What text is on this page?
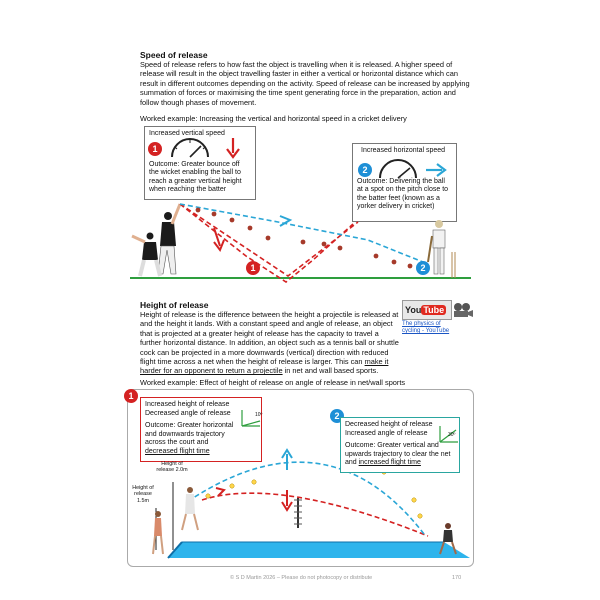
Speed of release
Speed of release refers to how fast the object is travelling when it is released. A higher speed of release will result in the object travelling faster in either a vertical or horizontal distance which can result in different outcomes depending on the activity. Speed of release can be increased by applying summation of forces or maximising the time spent generating force in the preparation, action and follow though phases of movement.
Worked example: Increasing the vertical and horizontal speed in a cricket delivery
Increased vertical speed
Outcome: Greater bounce off the wicket enabling the ball to reach a greater vertical height when reaching the batter
1	Increased horizontal speed
Outcome: Delivering the ball at a spot on the pitch close to the batter feet (known as a yorker delivery in cricket)
2
1	2
Height of release
Height of release is the difference between the height a projectile is released at and the height it lands. With a constant speed and angle of release, an object that is projected at a greater height of release has the capacity to travel a further horizontal distance. In addition, an object such as a tennis ball or shuttle cock can be projected in a more downwards (vertical) direction with reduced flight time across a net when the height of release is larger. This can make it harder for an opponent to return a projectile in net and wall based sports.
You Tube
The physics of cycling - YouTube
Worked example: Effect of height of release on angle of release in net/wall sports
1
Increased height of release
Decreased angle of release
Outcome: Greater horizontal and downwards trajectory across the court and decreased flight time
10º	2
Decreased height of release
Increased angle of release
Outcome: Greater vertical and upwards trajectory to clear the net and increased flight time
30º
Height of release 2.0m
Height of release 1.5m
© S D Martin 2026 – Please do not photocopy or distribute	170
